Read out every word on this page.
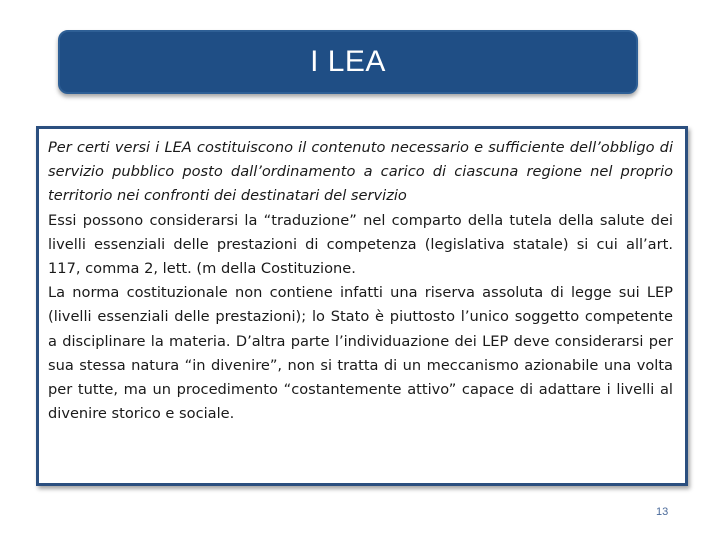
I LEA

Per certi versi i LEA costituiscono il contenuto necessario e sufficiente dell’obbligo di servizio pubblico posto dall’ordinamento a carico di ciascuna regione nel proprio territorio nei confronti dei destinatari del servizio

Essi possono considerarsi la “traduzione” nel comparto della tutela della salute dei livelli essenziali delle prestazioni di competenza (legislativa statale) si cui all’art. 117, comma 2, lett. (m della Costituzione.

La norma costituzionale non contiene infatti una riserva assoluta di legge sui LEP (livelli essenziali delle prestazioni); lo Stato è piuttosto l’unico soggetto competente a disciplinare la materia. D’altra parte l’individuazione dei LEP deve considerarsi per sua stessa natura “in divenire”, non si tratta di un meccanismo azionabile una volta per tutte, ma un procedimento “costantemente attivo” capace di adattare i livelli al divenire storico e sociale.

13
